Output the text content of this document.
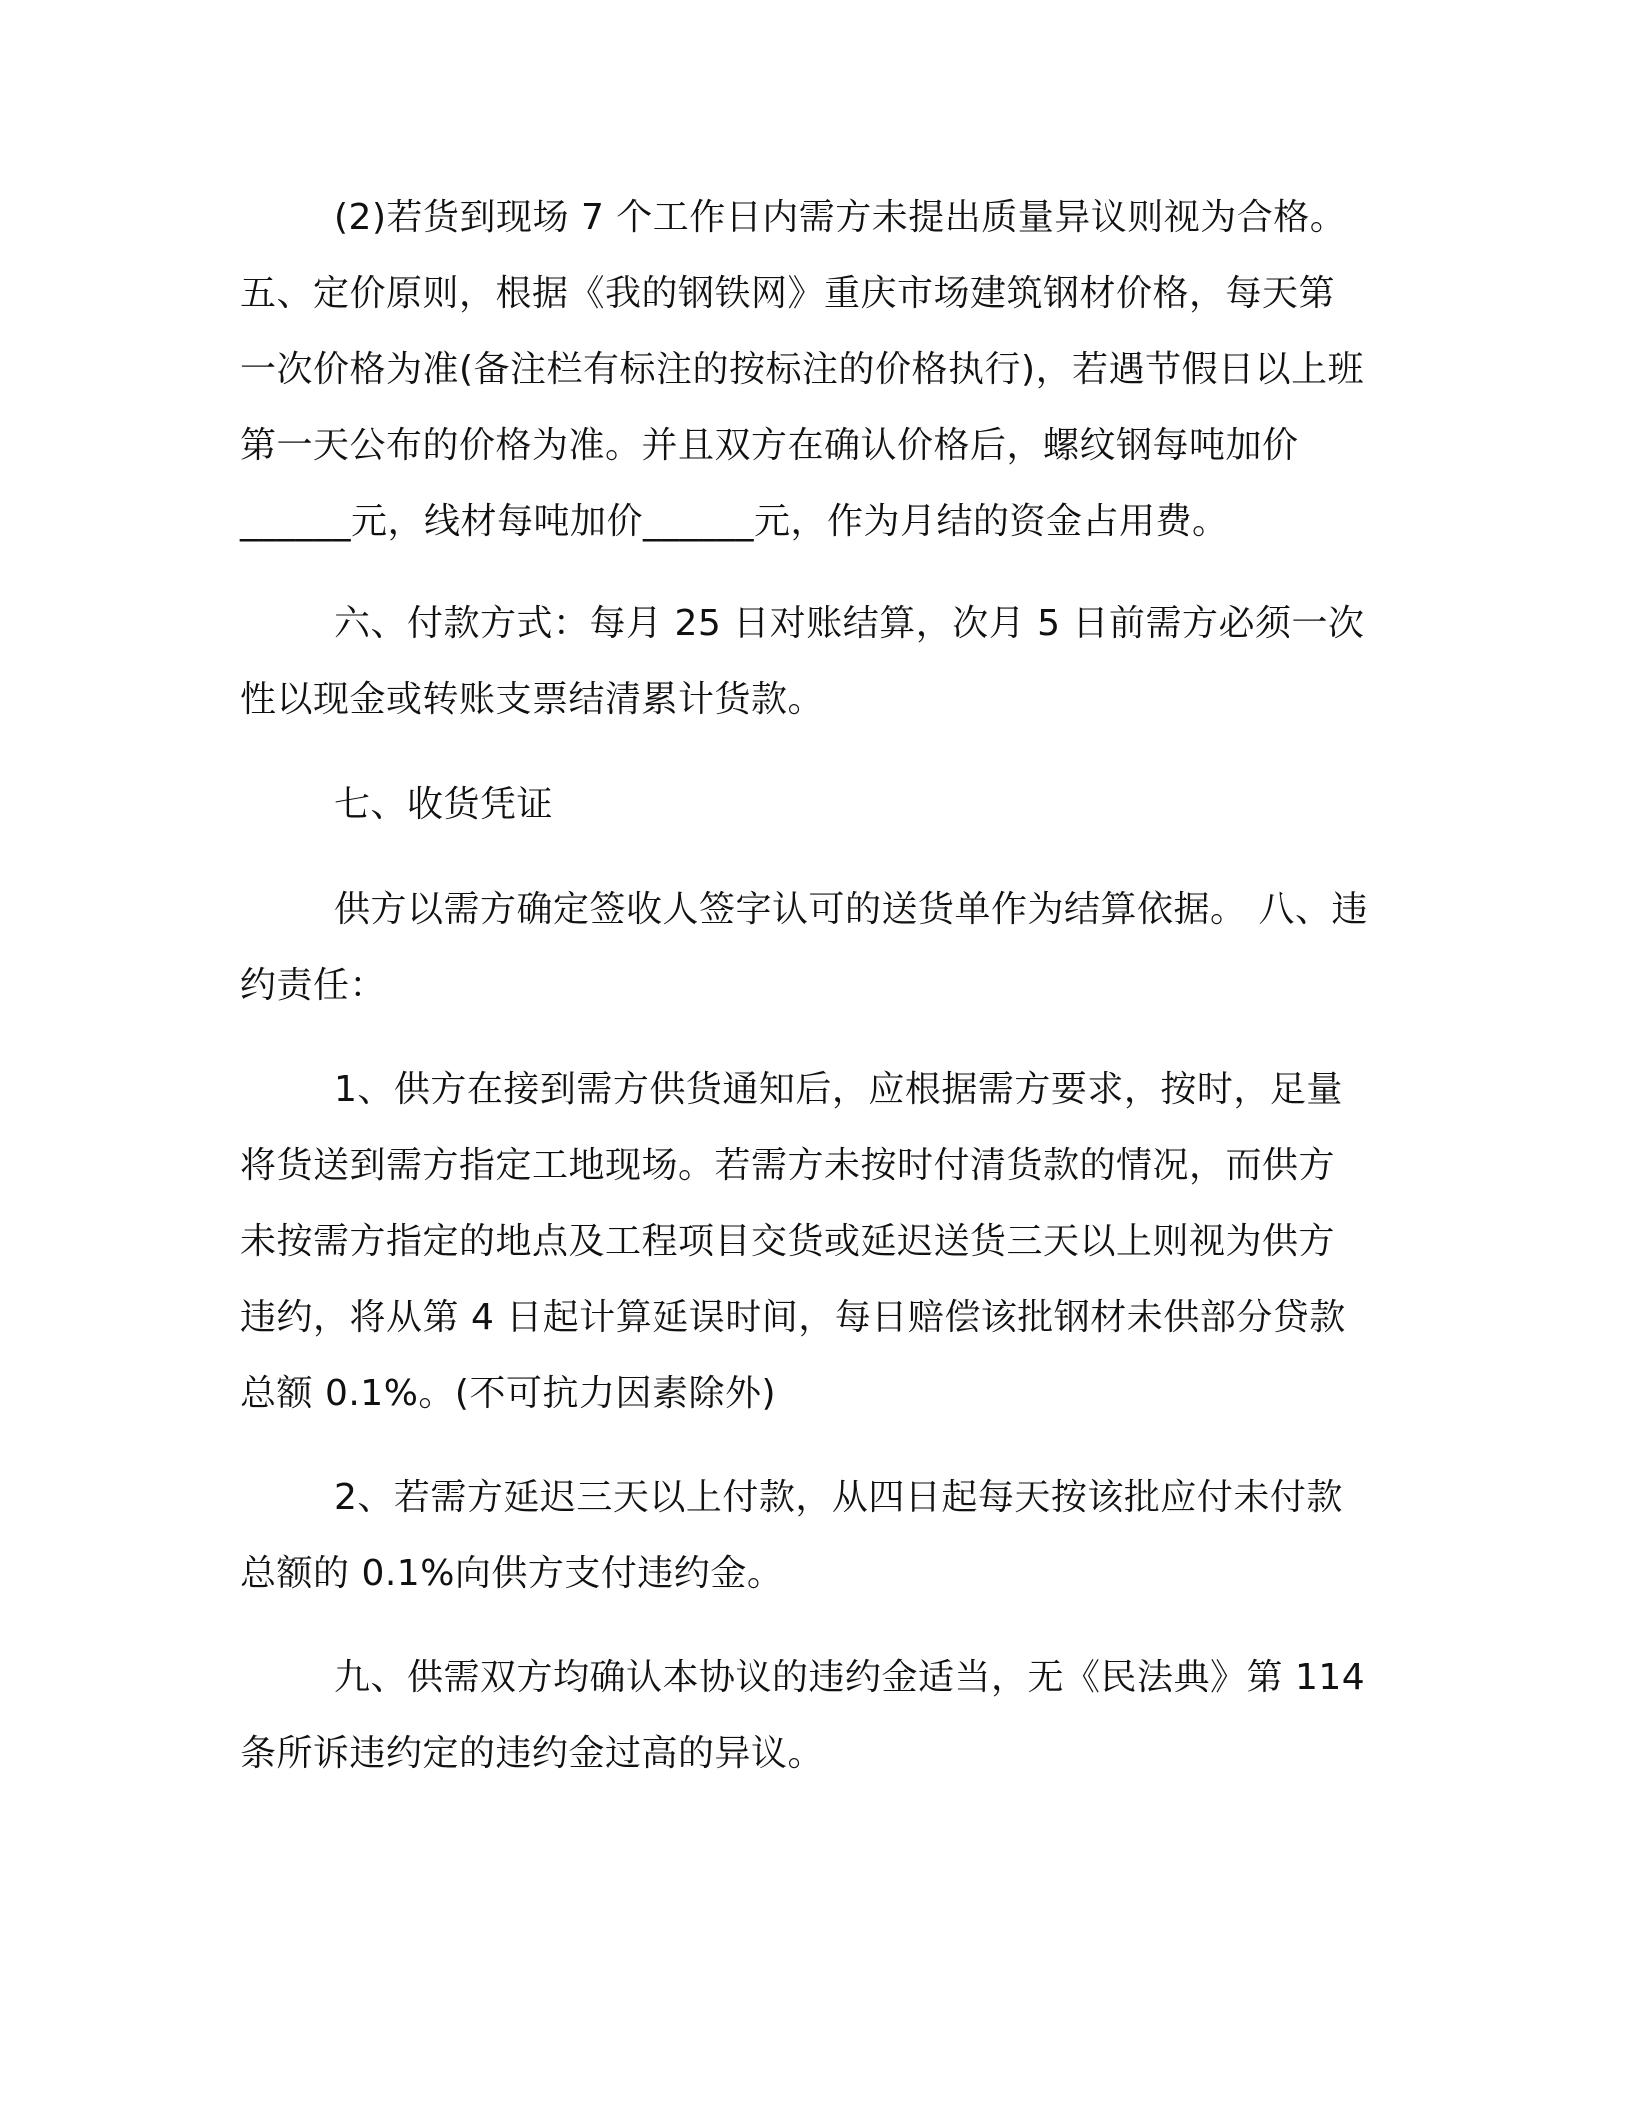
(2)若货到现场 7 个工作日内需方未提出质量异议则视为合格。
五、定价原则，根据《我的钢铁网》重庆市场建筑钢材价格，每天第
一次价格为准(备注栏有标注的按标注的价格执行)，若遇节假日以上班
第一天公布的价格为准。并且双方在确认价格后，螺纹钢每吨加价
______元，线材每吨加价______元，作为月结的资金占用费。
六、付款方式：每月 25 日对账结算，次月 5 日前需方必须一次
性以现金或转账支票结清累计货款。
七、收货凭证
供方以需方确定签收人签字认可的送货单作为结算依据。 八、违
约责任：
1、供方在接到需方供货通知后，应根据需方要求，按时，足量
将货送到需方指定工地现场。若需方未按时付清货款的情况，而供方
未按需方指定的地点及工程项目交货或延迟送货三天以上则视为供方
违约，将从第 4 日起计算延误时间，每日赔偿该批钢材未供部分贷款
总额 0.1%。(不可抗力因素除外)
2、若需方延迟三天以上付款，从四日起每天按该批应付未付款
总额的 0.1%向供方支付违约金。
九、供需双方均确认本协议的违约金适当，无《民法典》第 114
条所诉违约定的违约金过高的异议。
